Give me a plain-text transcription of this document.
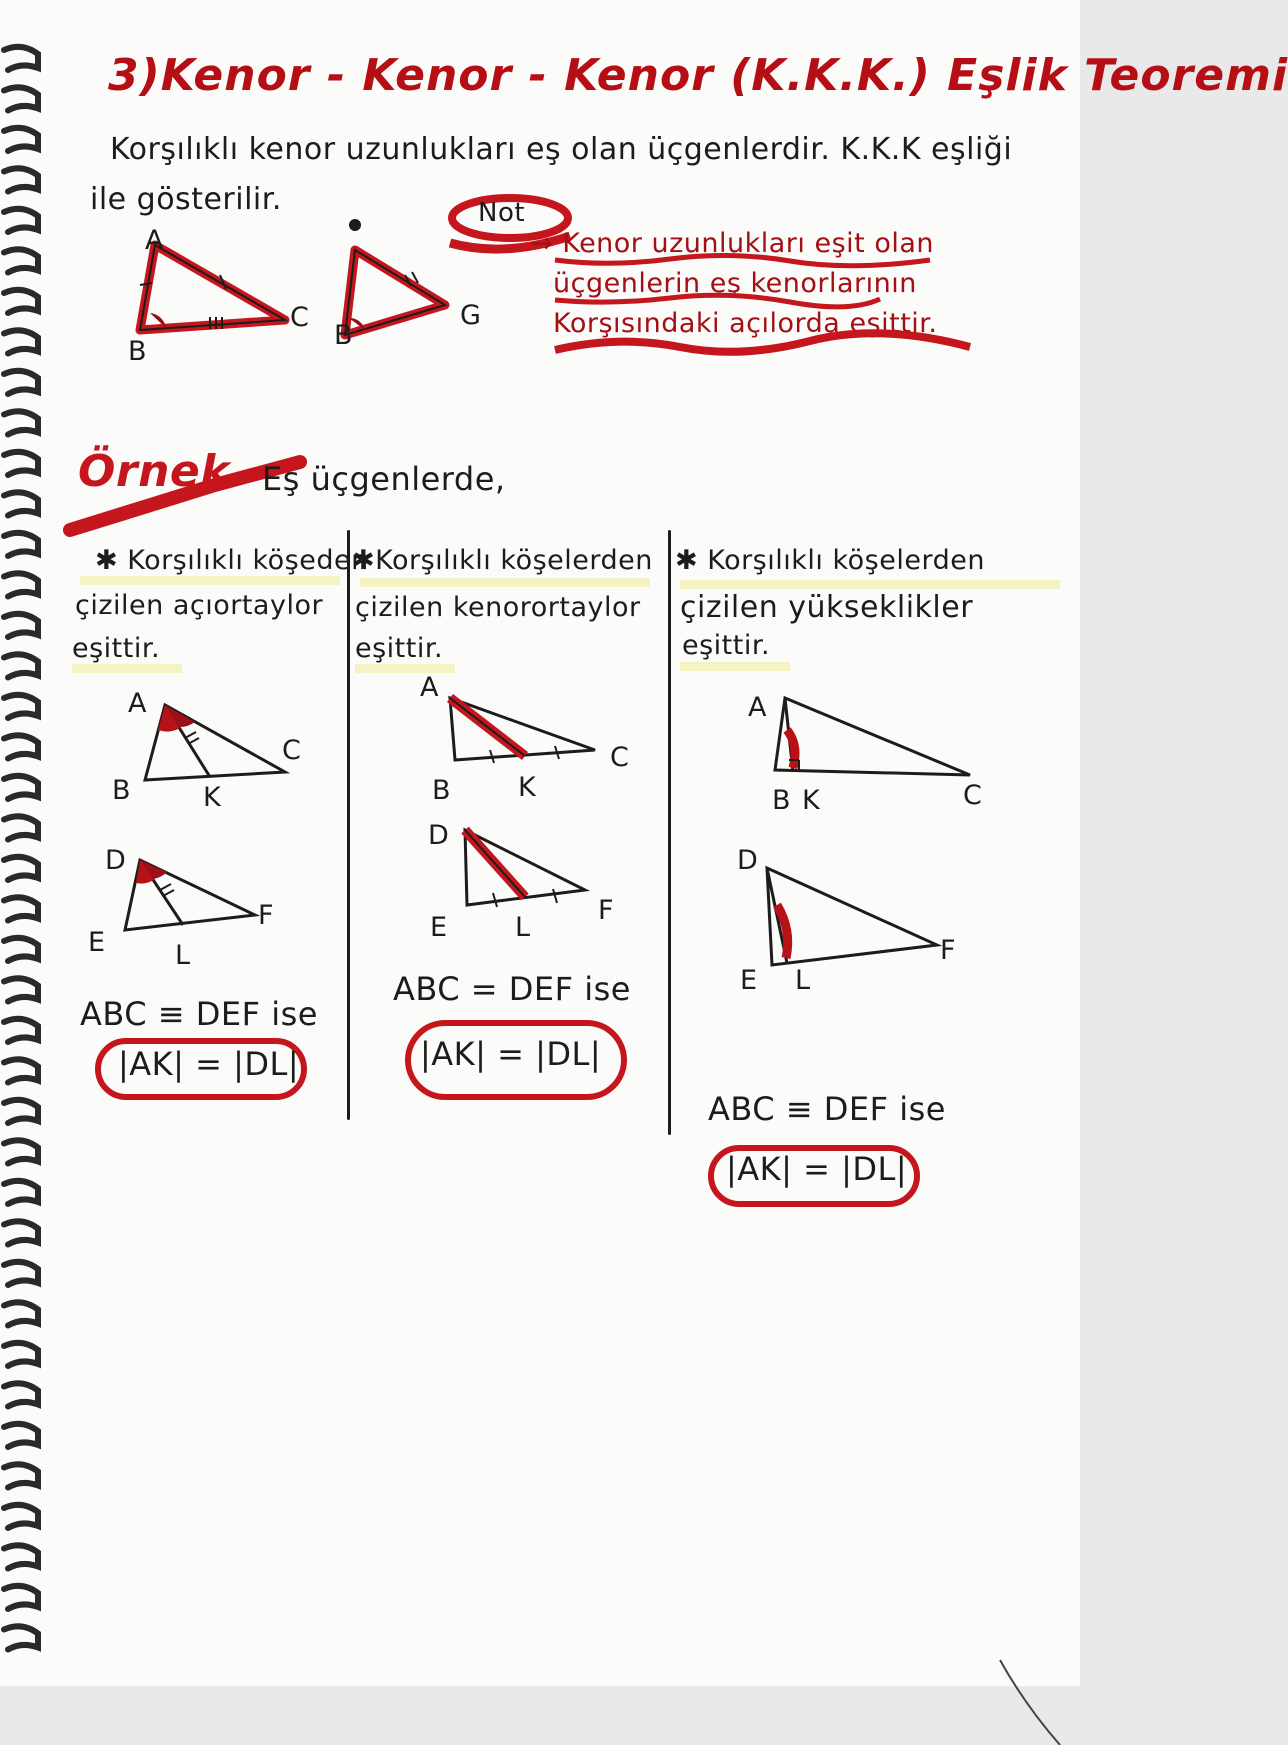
3)Kenor - Kenor - Kenor (K.K.K.) Eşlik Teoremi
Korşılıklı kenor uzunlukları eş olan üçgenlerdir. K.K.K eşliği
ile gösterilir.
A
B
C
B
G
Not
→ Kenor uzunlukları eşit olan
üçgenlerin eş kenorlarının
Korşısındaki açılorda eşittir.
Örnek Eş üçgenlerde,
✱ Korşılıklı köşeden
çizilen açıortaylor
eşittir.
A
B
C
K
D
E
F
L
ABC ≡ DEF ise
|AK| = |DL|
✱Korşılıklı köşelerden
çizilen kenorortaylor
eşittir.
A
B
C
K
D
E
F
L
ABC = DEF ise
|AK| = |DL|
✱ Korşılıklı köşelerden
çizilen yükseklikler
eşittir.
A
B K	C
D
E L
F
ABC ≡ DEF ise
|AK| = |DL|
